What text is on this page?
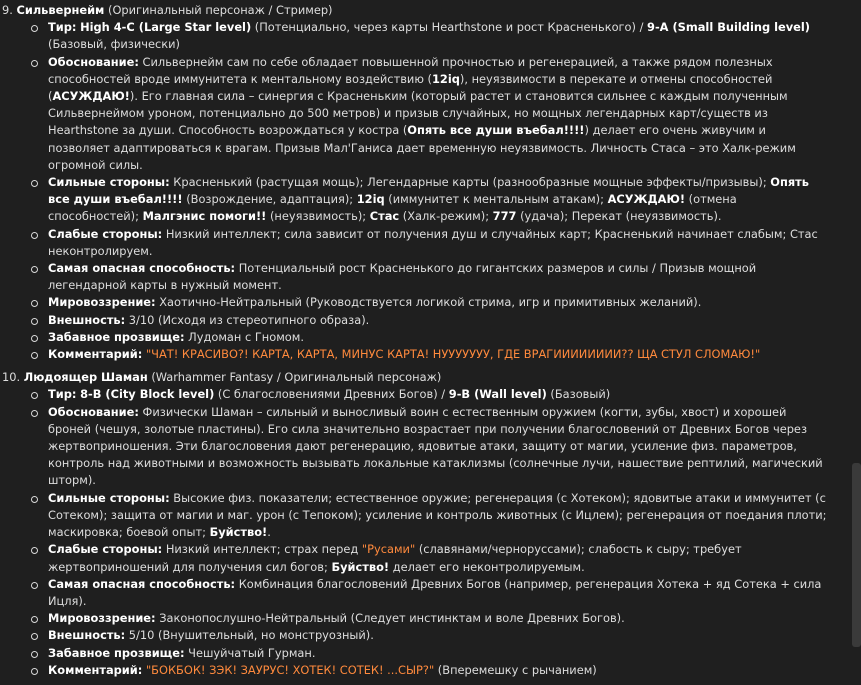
9. Сильвернейм (Оригинальный персонаж / Стример)

Тир: High 4-C (Large Star level) (Потенциально, через карты Hearthstone и рост Красненького) / 9-A (Small Building level) (Базовый, физически)
Обоснование: Сильвернейм сам по себе обладает повышенной прочностью и регенерацией, а также рядом полезных способностей вроде иммунитета к ментальному воздействию (12iq), неуязвимости в перекате и отмены способностей (АСУЖДАЮ!). Его главная сила – синергия с Красненьким (который растет и становится сильнее с каждым полученным Сильвернеймом уроном, потенциально до 500 метров) и призыв случайных, но мощных легендарных карт/существ из Hearthstone за души. Способность возрождаться у костра (Опять все души въебал!!!!) делает его очень живучим и позволяет адаптироваться к врагам. Призыв Мал'Ганиса дает временную неуязвимость. Личность Стаса – это Халк-режим огромной силы.
Сильные стороны: Красненький (растущая мощь); Легендарные карты (разнообразные мощные эффекты/призывы); Опять все души въебал!!!! (Возрождение, адаптация); 12iq (иммунитет к ментальным атакам); АСУЖДАЮ! (отмена способностей); Малгэнис помоги!! (неуязвимость); Стас (Халк-режим); 777 (удача); Перекат (неуязвимость).
Слабые стороны: Низкий интеллект; сила зависит от получения душ и случайных карт; Красненький начинает слабым; Стас неконтролируем.
Самая опасная способность: Потенциальный рост Красненького до гигантских размеров и силы / Призыв мощной легендарной карты в нужный момент.
Мировоззрение: Хаотично-Нейтральный (Руководствуется логикой стрима, игр и примитивных желаний).
Внешность: 3/10 (Исходя из стереотипного образа).
Забавное прозвище: Лудоман с Гномом.
Комментарий: "ЧАТ! КРАСИВО?! КАРТА, КАРТА, МИНУС КАРТА! НУУУУУУУ, ГДЕ ВРАГИИИИИИИИ?? ЩА СТУЛ СЛОМАЮ!"

10. Людоящер Шаман (Warhammer Fantasy / Оригинальный персонаж)

Тир: 8-B (City Block level) (С благословениями Древних Богов) / 9-B (Wall level) (Базовый)
Обоснование: Физически Шаман – сильный и выносливый воин с естественным оружием (когти, зубы, хвост) и хорошей броней (чешуя, золотые пластины). Его сила значительно возрастает при получении благословений от Древних Богов через жертвоприношения. Эти благословения дают регенерацию, ядовитые атаки, защиту от магии, усиление физ. параметров, контроль над животными и возможность вызывать локальные катаклизмы (солнечные лучи, нашествие рептилий, магический шторм).
Сильные стороны: Высокие физ. показатели; естественное оружие; регенерация (с Хотеком); ядовитые атаки и иммунитет (с Сотеком); защита от магии и маг. урон (с Тепоком); усиление и контроль животных (с Ицлем); регенерация от поедания плоти; маскировка; боевой опыт; Буйство!.
Слабые стороны: Низкий интеллект; страх перед "Русами" (славянами/черноруссами); слабость к сыру; требует жертвоприношений для получения сил богов; Буйство! делает его неконтролируемым.
Самая опасная способность: Комбинация благословений Древних Богов (например, регенерация Хотека + яд Сотека + сила Ицля).
Мировоззрение: Законопослушно-Нейтральный (Следует инстинктам и воле Древних Богов).
Внешность: 5/10 (Внушительный, но монструозный).
Забавное прозвище: Чешуйчатый Гурман.
Комментарий: "БОКБОК! ЗЭК! ЗАУРУС! ХОТЕК! СОТЕК! ...СЫР?" (Вперемешку с рычанием)
